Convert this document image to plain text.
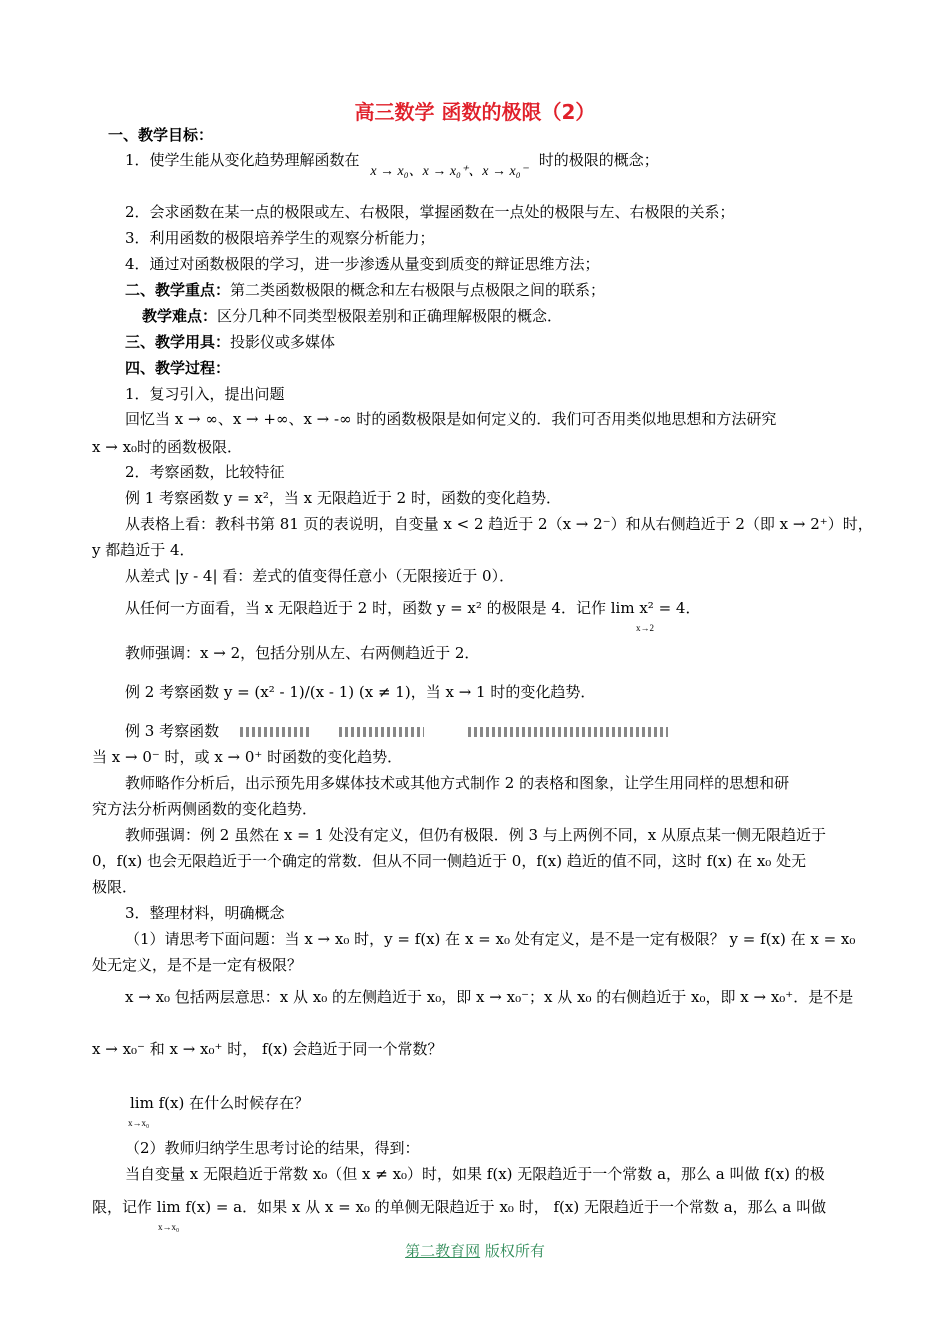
高三数学 函数的极限（2）
一、教学目标：
1．使学生能从变化趋势理解函数在 x → x₀、x → x₀⁺、x → x₀⁻ 时的极限的概念；
2．会求函数在某一点的极限或左、右极限，掌握函数在一点处的极限与左、右极限的关系；
3．利用函数的极限培养学生的观察分析能力；
4．通过对函数极限的学习，进一步渗透从量变到质变的辩证思维方法；
二、教学重点：第二类函数极限的概念和左右极限与点极限之间的联系；
教学难点：区分几种不同类型极限差别和正确理解极限的概念．
三、教学用具：投影仪或多媒体
四、教学过程：
1．复习引入，提出问题
回忆当 x → ∞、x → +∞、x → -∞ 时的函数极限是如何定义的．我们可否用类似地思想和方法研究
x → x₀时的函数极限．
2．考察函数，比较特征
例 1 考察函数 y = x²，当 x 无限趋近于 2 时，函数的变化趋势．
从表格上看：教科书第 81 页的表说明，自变量 x < 2 趋近于 2（x → 2⁻）和从右侧趋近于 2（即 x → 2⁺）时，
y 都趋近于 4．
从差式 |y - 4| 看：差式的值变得任意小（无限接近于 0）．
从任何一方面看，当 x 无限趋近于 2 时，函数 y = x² 的极限是 4．记作 lim x² = 4．
x→2
教师强调：x → 2，包括分别从左、右两侧趋近于 2．
例 2 考察函数 y = (x² - 1)/(x - 1) (x ≠ 1)，当 x → 1 时的变化趋势．
例 3 考察函数
当 x → 0⁻ 时，或 x → 0⁺ 时函数的变化趋势．
教师略作分析后，出示预先用多媒体技术或其他方式制作 2 的表格和图象，让学生用同样的思想和研
究方法分析两侧函数的变化趋势．
教师强调：例 2 虽然在 x = 1 处没有定义，但仍有极限．例 3 与上两例不同，x 从原点某一侧无限趋近于
0，f(x) 也会无限趋近于一个确定的常数．但从不同一侧趋近于 0，f(x) 趋近的值不同，这时 f(x) 在 x₀ 处无
极限．
3．整理材料，明确概念
（1）请思考下面问题：当 x → x₀ 时，y = f(x) 在 x = x₀ 处有定义，是不是一定有极限？ y = f(x) 在 x = x₀
处无定义，是不是一定有极限？
x → x₀ 包括两层意思：x 从 x₀ 的左侧趋近于 x₀，即 x → x₀⁻；x 从 x₀ 的右侧趋近于 x₀，即 x → x₀⁺．是不是
x → x₀⁻ 和 x → x₀⁺ 时， f(x) 会趋近于同一个常数？
lim f(x) 在什么时候存在？
x→x₀
（2）教师归纳学生思考讨论的结果，得到：
当自变量 x 无限趋近于常数 x₀（但 x ≠ x₀）时，如果 f(x) 无限趋近于一个常数 a，那么 a 叫做 f(x) 的极
限，记作 lim f(x) = a．如果 x 从 x = x₀ 的单侧无限趋近于 x₀ 时， f(x) 无限趋近于一个常数 a，那么 a 叫做
x→x₀
第二教育网 版权所有
